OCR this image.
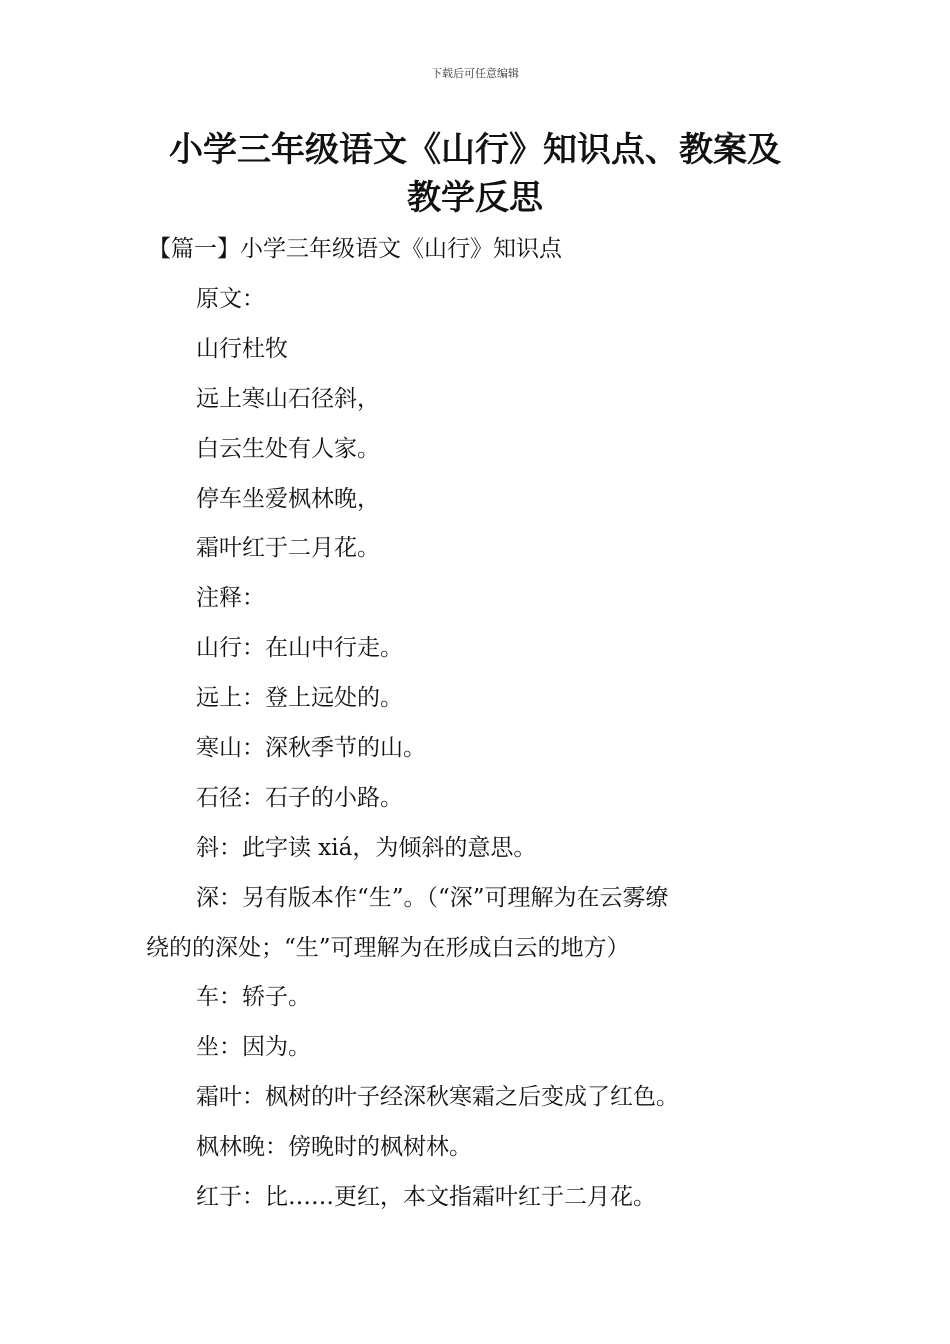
下载后可任意编辑
小学三年级语文《山行》知识点、教案及
教学反思
【篇一】小学三年级语文《山行》知识点
原文：
山行杜牧
远上寒山石径斜，
白云生处有人家。
停车坐爱枫林晚，
霜叶红于二月花。
注释：
山行：在山中行走。
远上：登上远处的。
寒山：深秋季节的山。
石径：石子的小路。
斜：此字读 xiá，为倾斜的意思。
深：另有版本作“生”。（“深”可理解为在云雾缭
绕的的深处；“生”可理解为在形成白云的地方）
车：轿子。
坐：因为。
霜叶：枫树的叶子经深秋寒霜之后变成了红色。
枫林晚：傍晚时的枫树林。
红于：比……更红，本文指霜叶红于二月花。
